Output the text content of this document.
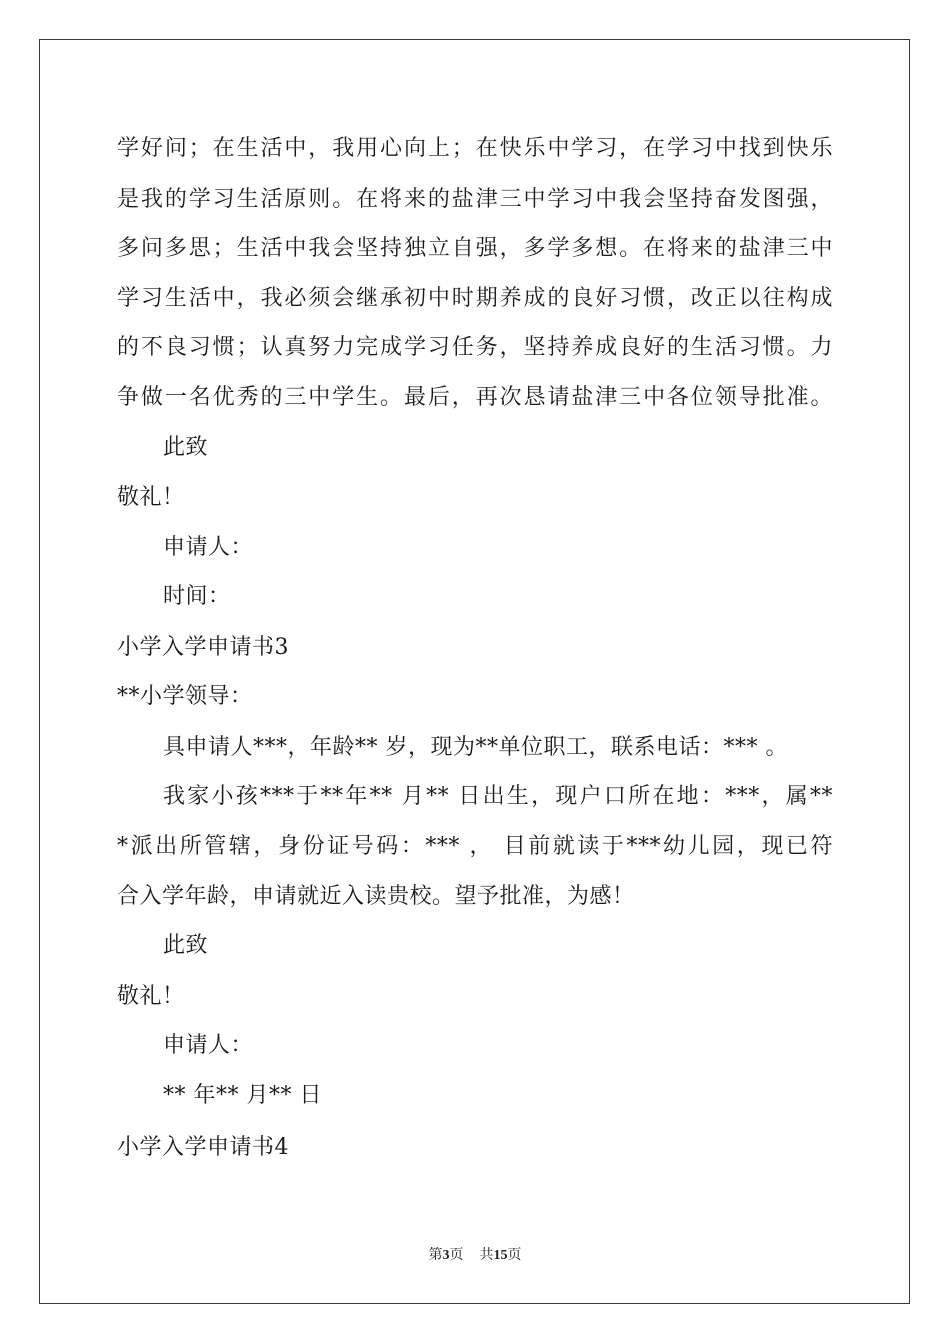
学好问；在生活中，我用心向上；在快乐中学习，在学习中找到快乐
是我的学习生活原则。在将来的盐津三中学习中我会坚持奋发图强，
多问多思；生活中我会坚持独立自强，多学多想。在将来的盐津三中
学习生活中，我必须会继承初中时期养成的良好习惯，改正以往构成
的不良习惯；认真努力完成学习任务，坚持养成良好的生活习惯。力
争做一名优秀的三中学生。最后，再次恳请盐津三中各位领导批准。
此致
敬礼！
申请人：
时间：
小学入学申请书3
**小学领导：
具申请人***，年龄** 岁，现为**单位职工，联系电话：*** 。
我家小孩***于**年** 月** 日出生，现户口所在地：***，属**
*派出所管辖，身份证号码：*** ， 目前就读于***幼儿园，现已符
合入学年龄，申请就近入读贵校。望予批准，为感！
此致
敬礼！
申请人：
** 年** 月** 日
小学入学申请书4
第3页 共15页
